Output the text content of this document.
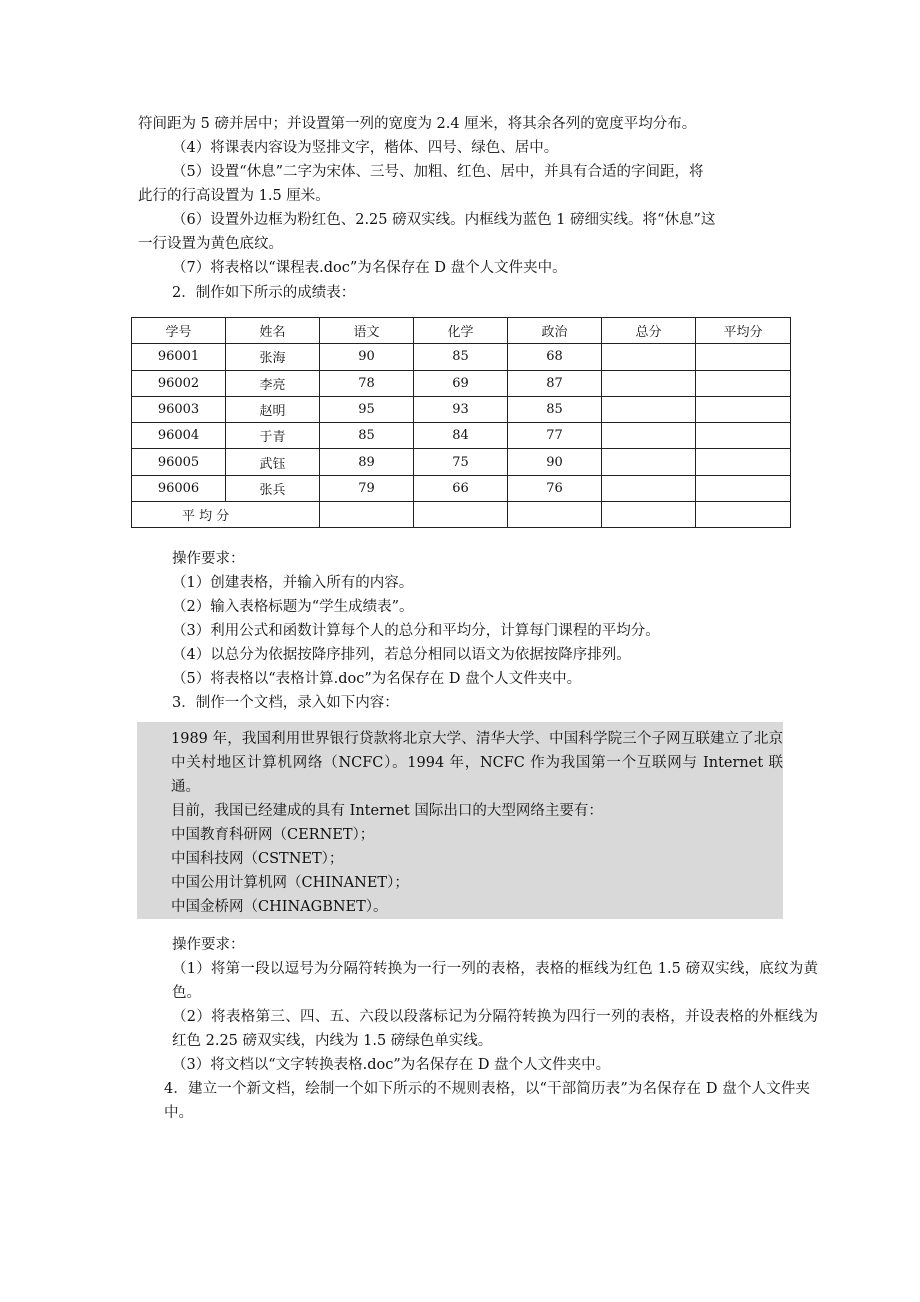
符间距为 5 磅并居中；并设置第一列的宽度为 2.4 厘米，将其余各列的宽度平均分布。
（4）将课表内容设为竖排文字，楷体、四号、绿色、居中。
（5）设置“休息”二字为宋体、三号、加粗、红色、居中，并具有合适的字间距，将
此行的行高设置为 1.5 厘米。
（6）设置外边框为粉红色、2.25 磅双实线。内框线为蓝色 1 磅细实线。将“休息”这
一行设置为黄色底纹。
（7）将表格以“课程表.doc”为名保存在 D 盘个人文件夹中。
2．制作如下所示的成绩表：
学号	姓名	语文	化学	政治	总分	平均分
96001	张海	90	85	68		
96002	李亮	78	69	87		
96003	赵明	95	93	85		
96004	于青	85	84	77		
96005	武钰	89	75	90		
96006	张兵	79	66	76		
平 均 分						
操作要求：
（1）创建表格，并输入所有的内容。
（2）输入表格标题为“学生成绩表”。
（3）利用公式和函数计算每个人的总分和平均分，计算每门课程的平均分。
（4）以总分为依据按降序排列，若总分相同以语文为依据按降序排列。
（5）将表格以“表格计算.doc”为名保存在 D 盘个人文件夹中。
3．制作一个文档，录入如下内容：
1989 年，我国利用世界银行贷款将北京大学、清华大学、中国科学院三个子网互联建立了北京中关村地区计算机网络（NCFC）。1994 年，NCFC 作为我国第一个互联网与 Internet 联通。
目前，我国已经建成的具有 Internet 国际出口的大型网络主要有：
中国教育科研网（CERNET）；
中国科技网（CSTNET）；
中国公用计算机网（CHINANET）；
中国金桥网（CHINAGBNET）。
操作要求：
（1）将第一段以逗号为分隔符转换为一行一列的表格，表格的框线为红色 1.5 磅双实线，底纹为黄色。
（2）将表格第三、四、五、六段以段落标记为分隔符转换为四行一列的表格，并设表格的外框线为红色 2.25 磅双实线，内线为 1.5 磅绿色单实线。
（3）将文档以“文字转换表格.doc”为名保存在 D 盘个人文件夹中。
4．建立一个新文档，绘制一个如下所示的不规则表格，以“干部简历表”为名保存在 D 盘个人文件夹中。
